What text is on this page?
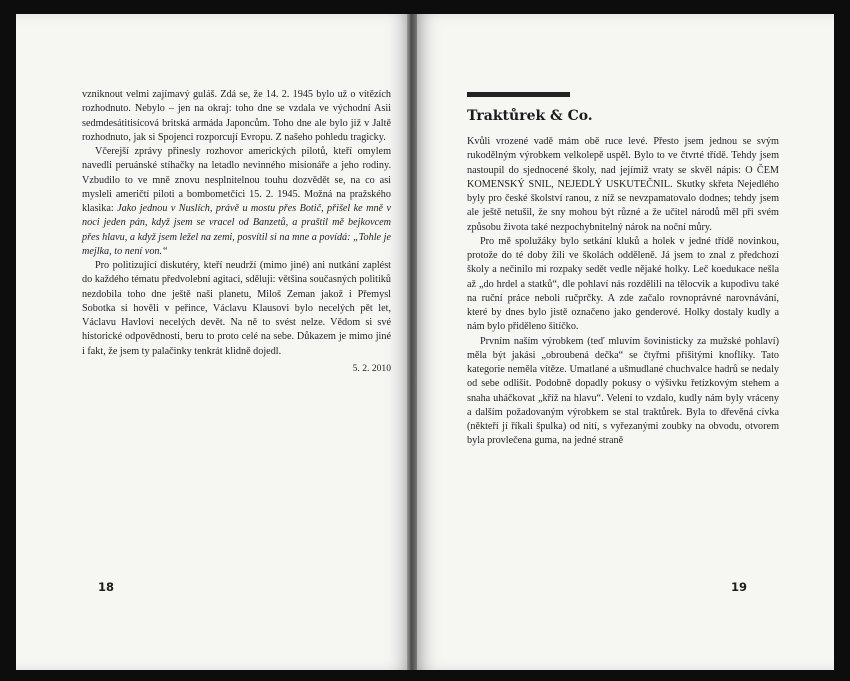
vzniknout velmi zajímavý guláš. Zdá se, že 14. 2. 1945 bylo už o vítězích rozhodnuto. Nebylo – jen na okraj: toho dne se vzdala ve východní Asii sedmdesátitisícová britská armáda Japoncům. Toho dne ale bylo již v Jaltě rozhodnuto, jak si Spojenci rozporcují Evropu. Z našeho pohledu tragicky.

Včerejší zprávy přinesly rozhovor amerických pilotů, kteří omylem navedli peruánské stíhačky na letadlo nevinného misionáře a jeho rodiny. Vzbudilo to ve mně znovu nesplnitelnou touhu dozvědět se, na co asi mysleli američtí piloti a bombometčíci 15. 2. 1945. Možná na pražského klasika: Jako jednou v Nuslích, právě u mostu přes Botič, přišel ke mně v noci jeden pán, když jsem se vracel od Banzetů, a praštil mě bejkovcem přes hlavu, a když jsem ležel na zemi, posvítil si na mne a povídá: „Tohle je mejlka, to není von.“

Pro politizující diskutéry, kteří neudrží (mimo jiné) ani nutkání zaplést do každého tématu předvolební agitaci, sděluji: většina současných politiků nezdobila toho dne ještě naši planetu, Miloš Zeman jakož i Přemysl Sobotka si hověli v peřince, Václavu Klausovi bylo necelých pět let, Václavu Havlovi necelých devět. Na ně to svést nelze. Vědom si své historické odpovědnosti, beru to proto celé na sebe. Důkazem je mimo jiné i fakt, že jsem ty palačinky tenkrát klidně dojedl.

5. 2. 2010
18
Traktůrek & Co.

Kvůli vrozené vadě mám obě ruce levé. Přesto jsem jednou se svým rukodělným výrobkem velkolepě uspěl. Bylo to ve čtvrté třídě. Tehdy jsem nastoupil do sjednocené školy, nad jejímiž vraty se skvěl nápis: O ČEM KOMENSKÝ SNIL, NEJEDLÝ USKUTEČNIL. Skutky skřeta Nejedlého byly pro české školství ranou, z níž se nevzpamatovalo dodnes; tehdy jsem ale ještě netušil, že sny mohou být různé a že učitel národů měl při svém způsobu života také nezpochybnitelný nárok na noční můry.

Pro mě spolužáky bylo setkání kluků a holek v jedné třídě novinkou, protože do té doby žili ve školách odděleně. Já jsem to znal z předchozí školy a nečinilo mi rozpaky sedět vedle nějaké holky. Leč koedukace nešla až „do hrdel a statků“, dle pohlaví nás rozdělili na tělocvik a kupodivu také na ruční práce neboli ručprčky. A zde začalo rovnoprávné narovnávání, které by dnes bylo jistě označeno jako genderové. Holky dostaly kudly a nám bylo přiděleno šitíčko.

Prvním naším výrobkem (teď mluvím šovinisticky za mužské pohlaví) měla být jakási „obroubená dečka“ se čtyřmi přišitými knoflíky. Tato kategorie neměla vítěze. Umatlané a ušmudlané chuchvalce hadrů se nedaly od sebe odlišit. Podobně dopadly pokusy o výšivku řetízkovým stehem a snaha uháčkovat „kříž na hlavu“. Velení to vzdalo, kudly nám byly vráceny a dalším požadovaným výrobkem se stal traktůrek. Byla to dřevěná cívka (někteří jí říkali špulka) od nití, s vyřezanými zoubky na obvodu, otvorem byla provlečena guma, na jedné straně

19
